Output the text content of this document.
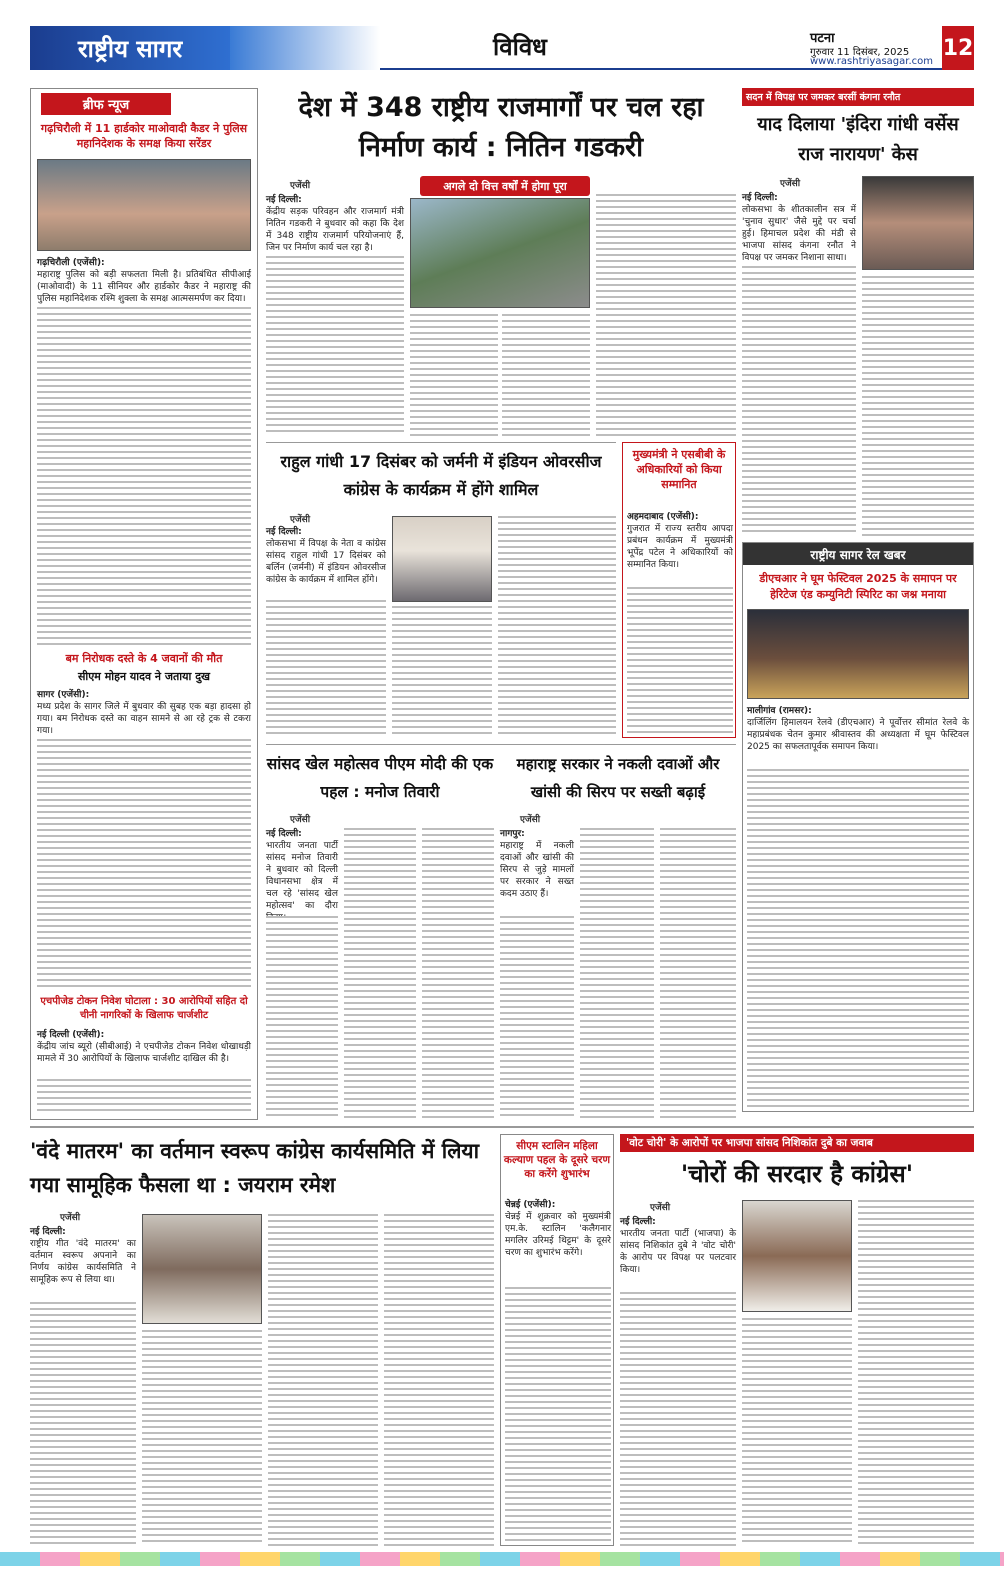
राष्ट्रीय सागर	विविध	पटना
गुरुवार 11 दिसंबर, 2025
www.rashtriyasagar.com
12
ब्रीफ न्यूज
गढ़चिरौली में 11 हार्डकोर माओवादी कैडर ने पुलिस महानिदेशक के समक्ष किया सरेंडर
गढ़चिरौली (एजेंसी):
महाराष्ट्र पुलिस को बड़ी सफलता मिली है। प्रतिबंधित सीपीआई (माओवादी) के 11 सीनियर और हार्डकोर कैडर ने महाराष्ट्र की पुलिस महानिदेशक रश्मि शुक्ला के समक्ष आत्मसमर्पण कर दिया।
बम निरोधक दस्ते के 4 जवानों की मौत
सीएम मोहन यादव ने जताया दुख
सागर (एजेंसी):
मध्य प्रदेश के सागर जिले में बुधवार की सुबह एक बड़ा हादसा हो गया। बम निरोधक दस्ते का वाहन सामने से आ रहे ट्रक से टकरा गया।
एचपीजेड टोकन निवेश घोटाला : 30 आरोपियों सहित दो चीनी नागरिकों के खिलाफ चार्जशीट
नई दिल्ली (एजेंसी):
केंद्रीय जांच ब्यूरो (सीबीआई) ने एचपीजेड टोकन निवेश धोखाधड़ी मामले में 30 आरोपियों के खिलाफ चार्जशीट दाखिल की है।
देश में 348 राष्ट्रीय राजमार्गों पर चल रहा निर्माण कार्य : नितिन गडकरी
अगले दो वित्त वर्षों में होगा पूरा
एजेंसी
नई दिल्ली:
केंद्रीय सड़क परिवहन और राजमार्ग मंत्री नितिन गडकरी ने बुधवार को कहा कि देश में 348 राष्ट्रीय राजमार्ग परियोजनाएं हैं, जिन पर निर्माण कार्य चल रहा है।
राहुल गांधी 17 दिसंबर को जर्मनी में इंडियन ओवरसीज कांग्रेस के कार्यक्रम में होंगे शामिल
एजेंसी
नई दिल्ली:
लोकसभा में विपक्ष के नेता व कांग्रेस सांसद राहुल गांधी 17 दिसंबर को बर्लिन (जर्मनी) में इंडियन ओवरसीज कांग्रेस के कार्यक्रम में शामिल होंगे।
मुख्यमंत्री ने एसबीबी के अधिकारियों को किया सम्मानित
अहमदाबाद (एजेंसी):
गुजरात में राज्य स्तरीय आपदा प्रबंधन कार्यक्रम में मुख्यमंत्री भूपेंद्र पटेल ने अधिकारियों को सम्मानित किया।
सदन में विपक्ष पर जमकर बरसीं कंगना रनौत
याद दिलाया 'इंदिरा गांधी वर्सेस राज नारायण' केस
एजेंसी
नई दिल्ली:
लोकसभा के शीतकालीन सत्र में 'चुनाव सुधार' जैसे मुद्दे पर चर्चा हुई। हिमाचल प्रदेश की मंडी से भाजपा सांसद कंगना रनौत ने विपक्ष पर जमकर निशाना साधा।
राष्ट्रीय सागर रेल खबर
डीएचआर ने घूम फेस्टिवल 2025 के समापन पर हेरिटेज एंड कम्युनिटी स्पिरिट का जश्न मनाया
मालीगांव (रामसर):
दार्जिलिंग हिमालयन रेलवे (डीएचआर) ने पूर्वोत्तर सीमांत रेलवे के महाप्रबंधक चेतन कुमार श्रीवास्तव की अध्यक्षता में घूम फेस्टिवल 2025 का सफलतापूर्वक समापन किया।
सांसद खेल महोत्सव पीएम मोदी की एक पहल : मनोज तिवारी
एजेंसी
नई दिल्ली:
भारतीय जनता पार्टी सांसद मनोज तिवारी ने बुधवार को दिल्ली विधानसभा क्षेत्र में चल रहे 'सांसद खेल महोत्सव' का दौरा
महाराष्ट्र सरकार ने नकली दवाओं और खांसी की सिरप पर सख्ती बढ़ाई
एजेंसी
नागपुर:
महाराष्ट्र में नकली दवाओं और खांसी की सिरप से जुड़े मामलों पर सरकार ने सख्त कदम उठाए हैं।
'वंदे मातरम' का वर्तमान स्वरूप कांग्रेस कार्यसमिति में लिया गया सामूहिक फैसला था : जयराम रमेश
एजेंसी
नई दिल्ली:
राष्ट्रीय गीत 'वंदे मातरम' का वर्तमान स्वरूप अपनाने का निर्णय कांग्रेस कार्यसमिति ने सामूहिक रूप से लिया था।
सीएम स्टालिन महिला कल्याण पहल के दूसरे चरण का करेंगे शुभारंभ
चेन्नई (एजेंसी):
चेन्नई में शुक्रवार को मुख्यमंत्री एम.के. स्टालिन 'कलैगनार मगलिर उरिमई थिट्टम' के दूसरे चरण का शुभारंभ करेंगे।
'वोट चोरी' के आरोपों पर भाजपा सांसद निशिकांत दुबे का जवाब
'चोरों की सरदार है कांग्रेस'
एजेंसी
नई दिल्ली:
भारतीय जनता पार्टी (भाजपा) के सांसद निशिकांत दुबे ने 'वोट चोरी' के आरोप पर विपक्ष पर पलटवार किया।
